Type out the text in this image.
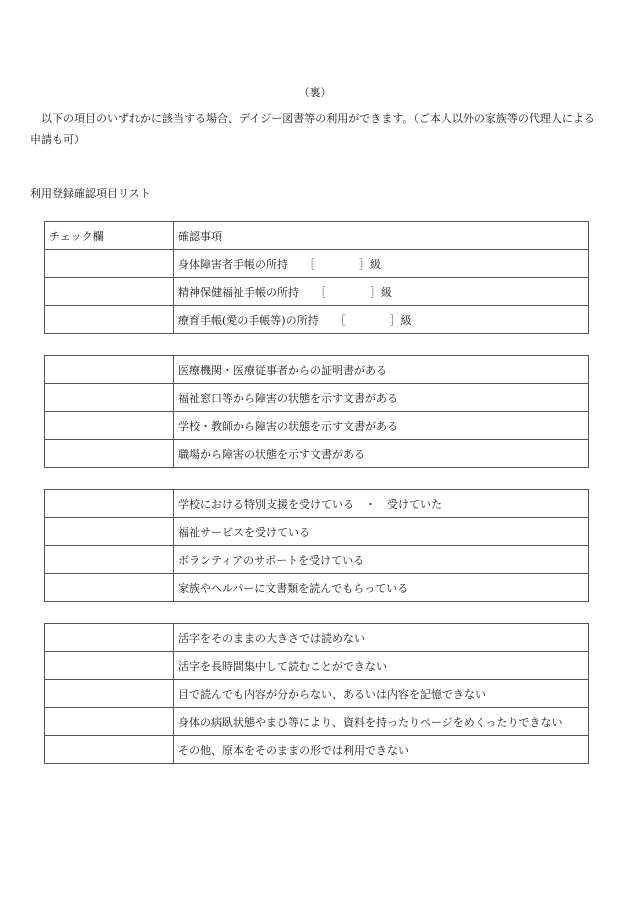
（裏）

以下の項目のいずれかに該当する場合、デイジー図書等の利用ができます。（ご本人以外の家族等の代理人による申請も可）

利用登録確認項目リスト
チェック欄	確認事項
	身体障害者手帳の所持 ［ ］級
	精神保健福祉手帳の所持 ［ ］級
	療育手帳(愛の手帳等)の所持 ［ ］級
	医療機関・医療従事者からの証明書がある
	福祉窓口等から障害の状態を示す文書がある
	学校・教師から障害の状態を示す文書がある
	職場から障害の状態を示す文書がある
	学校における特別支援を受けている　・　受けていた
	福祉サービスを受けている
	ボランティアのサポートを受けている
	家族やヘルパーに文書類を読んでもらっている
	活字をそのままの大きさでは読めない
	活字を長時間集中して読むことができない
	目で読んでも内容が分からない、あるいは内容を記憶できない
	身体の病臥状態やまひ等により、資料を持ったりページをめくったりできない
	その他、原本をそのままの形では利用できない
